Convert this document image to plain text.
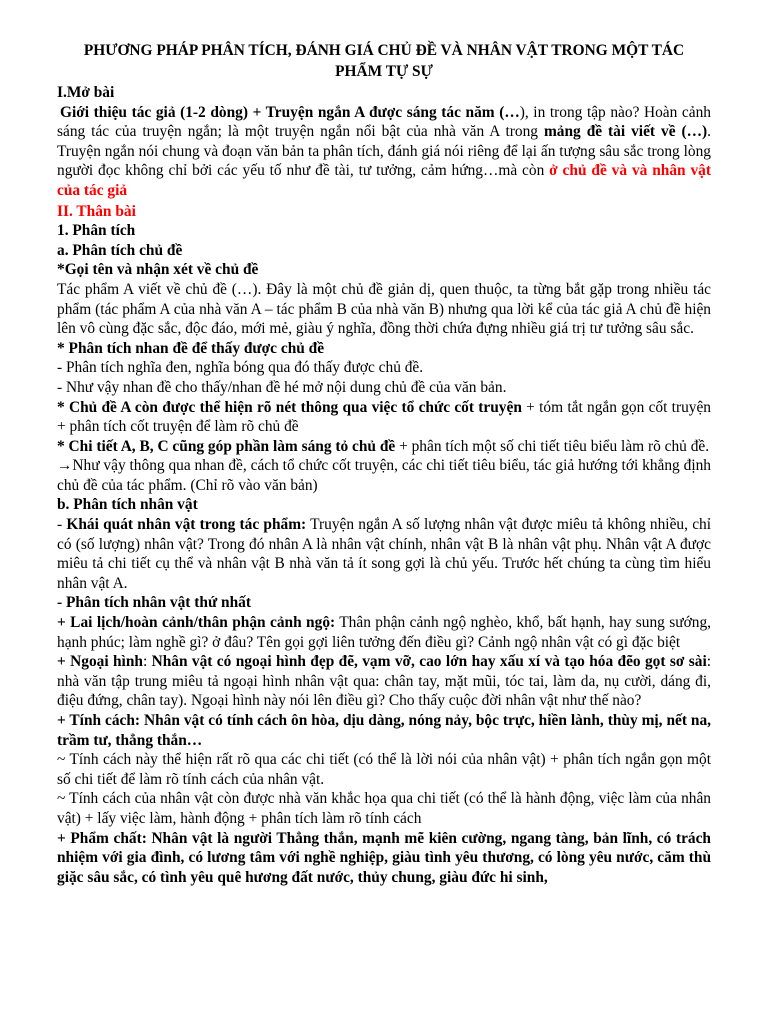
PHƯƠNG PHÁP PHÂN TÍCH, ĐÁNH GIÁ CHỦ ĐỀ VÀ NHÂN VẬT TRONG MỘT TÁC PHẨM TỰ SỰ
I.Mở bài
Giới thiệu tác giả (1-2 dòng) + Truyện ngắn A được sáng tác năm (…), in trong tập nào? Hoàn cảnh sáng tác của truyện ngắn; là một truyện ngắn nổi bật của nhà văn A trong mảng đề tài viết về (…). Truyện ngắn nói chung và đoạn văn bản ta phân tích, đánh giá nói riêng để lại ấn tượng sâu sắc trong lòng người đọc không chỉ bởi các yếu tố như đề tài, tư tưởng, cảm hứng…mà còn ở chủ đề và và nhân vật của tác giả
II. Thân bài
1. Phân tích
a. Phân tích chủ đề
*Gọi tên và nhận xét về chủ đề
Tác phẩm A viết về chủ đề (…). Đây là một chủ đề giản dị, quen thuộc, ta từng bắt gặp trong nhiều tác phẩm (tác phẩm A của nhà văn A – tác phẩm B của nhà văn B) nhưng qua lời kể của tác giả A chủ đề hiện lên vô cùng đặc sắc, độc đáo, mới mẻ, giàu ý nghĩa, đồng thời chứa đựng nhiều giá trị tư tưởng sâu sắc.
* Phân tích nhan đề để thấy được chủ đề
- Phân tích nghĩa đen, nghĩa bóng qua đó thấy được chủ đề.
- Như vậy nhan đề cho thấy/nhan đề hé mở nội dung chủ đề của văn bản.
* Chủ đề A còn được thể hiện rõ nét thông qua việc tổ chức cốt truyện + tóm tắt ngắn gọn cốt truyện + phân tích cốt truyện để làm rõ chủ đề
* Chi tiết A, B, C cũng góp phần làm sáng tỏ chủ đề + phân tích một số chi tiết tiêu biểu làm rõ chủ đề.
→Như vậy thông qua nhan đề, cách tổ chức cốt truyện, các chi tiết tiêu biểu, tác giả hướng tới khẳng định chủ đề của tác phẩm. (Chỉ rõ vào văn bản)
b. Phân tích nhân vật
- Khái quát nhân vật trong tác phẩm: Truyện ngắn A số lượng nhân vật được miêu tả không nhiều, chỉ có (số lượng) nhân vật? Trong đó nhân A là nhân vật chính, nhân vật B là nhân vật phụ. Nhân vật A được miêu tả chi tiết cụ thể và nhân vật B nhà văn tả ít song gợi là chủ yếu. Trước hết chúng ta cùng tìm hiểu nhân vật A.
- Phân tích nhân vật thứ nhất
+ Lai lịch/hoàn cảnh/thân phận cảnh ngộ: Thân phận cảnh ngộ nghèo, khổ, bất hạnh, hay sung sướng, hạnh phúc; làm nghề gì? ở đâu? Tên gọi gợi liên tưởng đến điều gì? Cảnh ngộ nhân vật có gì đặc biệt
+ Ngoại hình: Nhân vật có ngoại hình đẹp đẽ, vạm vỡ, cao lớn hay xấu xí và tạo hóa đẽo gọt sơ sài: nhà văn tập trung miêu tả ngoại hình nhân vật qua: chân tay, mặt mũi, tóc tai, làm da, nụ cười, dáng đi, điệu đứng, chân tay). Ngoại hình này nói lên điều gì? Cho thấy cuộc đời nhân vật như thế nào?
+ Tính cách: Nhân vật có tính cách ôn hòa, dịu dàng, nóng nảy, bộc trực, hiền lành, thùy mị, nết na, trầm tư, thẳng thắn…
~ Tính cách này thể hiện rất rõ qua các chi tiết (có thể là lời nói của nhân vật) + phân tích ngắn gọn một số chi tiết để làm rõ tính cách của nhân vật.
~ Tính cách của nhân vật còn được nhà văn khắc họa qua chi tiết (có thể là hành động, việc làm của nhân vật) + lấy việc làm, hành động + phân tích làm rõ tính cách
+ Phẩm chất: Nhân vật là người Thẳng thắn, mạnh mẽ kiên cường, ngang tàng, bản lĩnh, có trách nhiệm với gia đình, có lương tâm với nghề nghiệp, giàu tình yêu thương, có lòng yêu nước, căm thù giặc sâu sắc, có tình yêu quê hương đất nước, thủy chung, giàu đức hi sinh,
